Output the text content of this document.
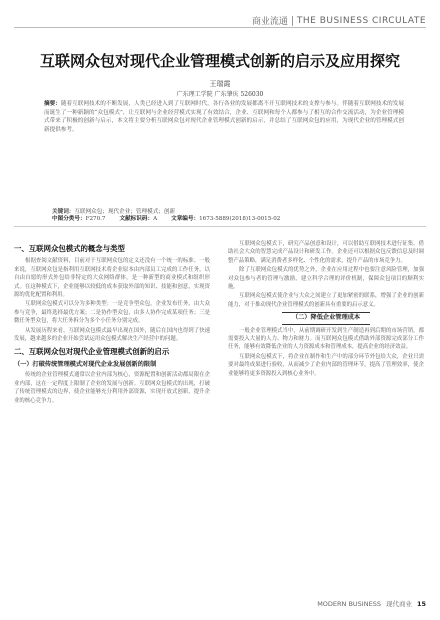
商业流通 THE BUSINESS CIRCULATE
互联网众包对现代企业管理模式创新的启示及应用探究
王瑞霞
广东理工学院 广东肇庆 526030
摘要：随着互联网技术的不断发展，人类已经进入到了互联网时代，各行各业的发展都离不开互联网技术的支撑与参与。伴随着互联网技术的发展而诞生了一种新颖的“众包模式”，让互联网与企业经营模式实现了有效结合，企业、互联网和每个人都参与了相互的合作交流活动，为企业管理模式带来了积极的创新与启示，本文将主要分析互联网众包对现代企业管理模式创新的启示，并总结了互联网众包的应用，为现代企业的管理模式创新提供参考。
关键词：互联网众包；现代企业；管理模式；创新
中图分类号：F270.7	文献标识码：A	文章编号：1673-5889(2018)13-0015-02
一、互联网众包模式的概念与类型

根据查阅文献资料，目前对于互联网众包的定义还没有一个统一的标准。一般来说，互联网众包是指利用互联网技术将企业原本由内部员工完成的工作任务，以自由自愿的形式外包给非特定的大众网络群体，是一种新型的商业模式和组织形式。在这种模式下，企业能够以较低的成本获取外部的知识、技能和创意，实现资源的优化配置和利用。

互联网众包模式可以分为多种类型：一是竞争型众包，企业发布任务，由大众参与竞争，最终选择最优方案；二是协作型众包，由多人协作完成某项任务；三是微任务型众包，将大任务拆分为多个小任务分别完成。

从发展历程来看，互联网众包模式最早出现在国外，随后在国内也得到了快速发展，越来越多的企业开始尝试运用众包模式解决生产经营中的问题。

二、互联网众包对现代企业管理模式创新的启示
（一）打破传统管理模式对现代企业发展创新的限制

传统的企业管理模式通常以企业内部为核心，资源配置和创新活动都局限在企业内部，这在一定程度上限制了企业的发展与创新。互联网众包模式的出现，打破了传统管理模式的边界，使企业能够充分利用外部资源，实现开放式创新，提升企业的核心竞争力。

互联网众包模式下，研究产品创意和设计，可以借助互联网技术进行征集，借助社会大众的智慧完成产品设计和研发工作。企业还可以根据众包反馈信息及时调整产品策略，满足消费者多样化、个性化的需求，提升产品的市场竞争力。

除了互联网众包模式的优势之外，企业在应用过程中也要注意风险管理，加强对众包参与者的管理与激励，建立科学合理的评价机制，保障众包项目的顺利实施。

互联网众包模式使企业与大众之间建立了更加紧密的联系，增强了企业的创新能力，对于推动现代企业管理模式的创新具有重要的启示意义。

（二）降低企业管理成本

一般企业管理模式当中，从前期调研开发到生产制造再到后期的市场营销，都需要投入大量的人力、物力和财力。而互联网众包模式借助外部资源完成部分工作任务，能够有效降低企业的人力资源成本和管理成本，提高企业的经济效益。

互联网众包模式下，将企业在制作和生产中的部分环节外包给大众，企业只需要对最终成果进行验收，从而减少了企业内部的管理环节，提高了管理效率，使企业能够将更多资源投入到核心业务中。

MODERN BUSINESS 现代商业 15
